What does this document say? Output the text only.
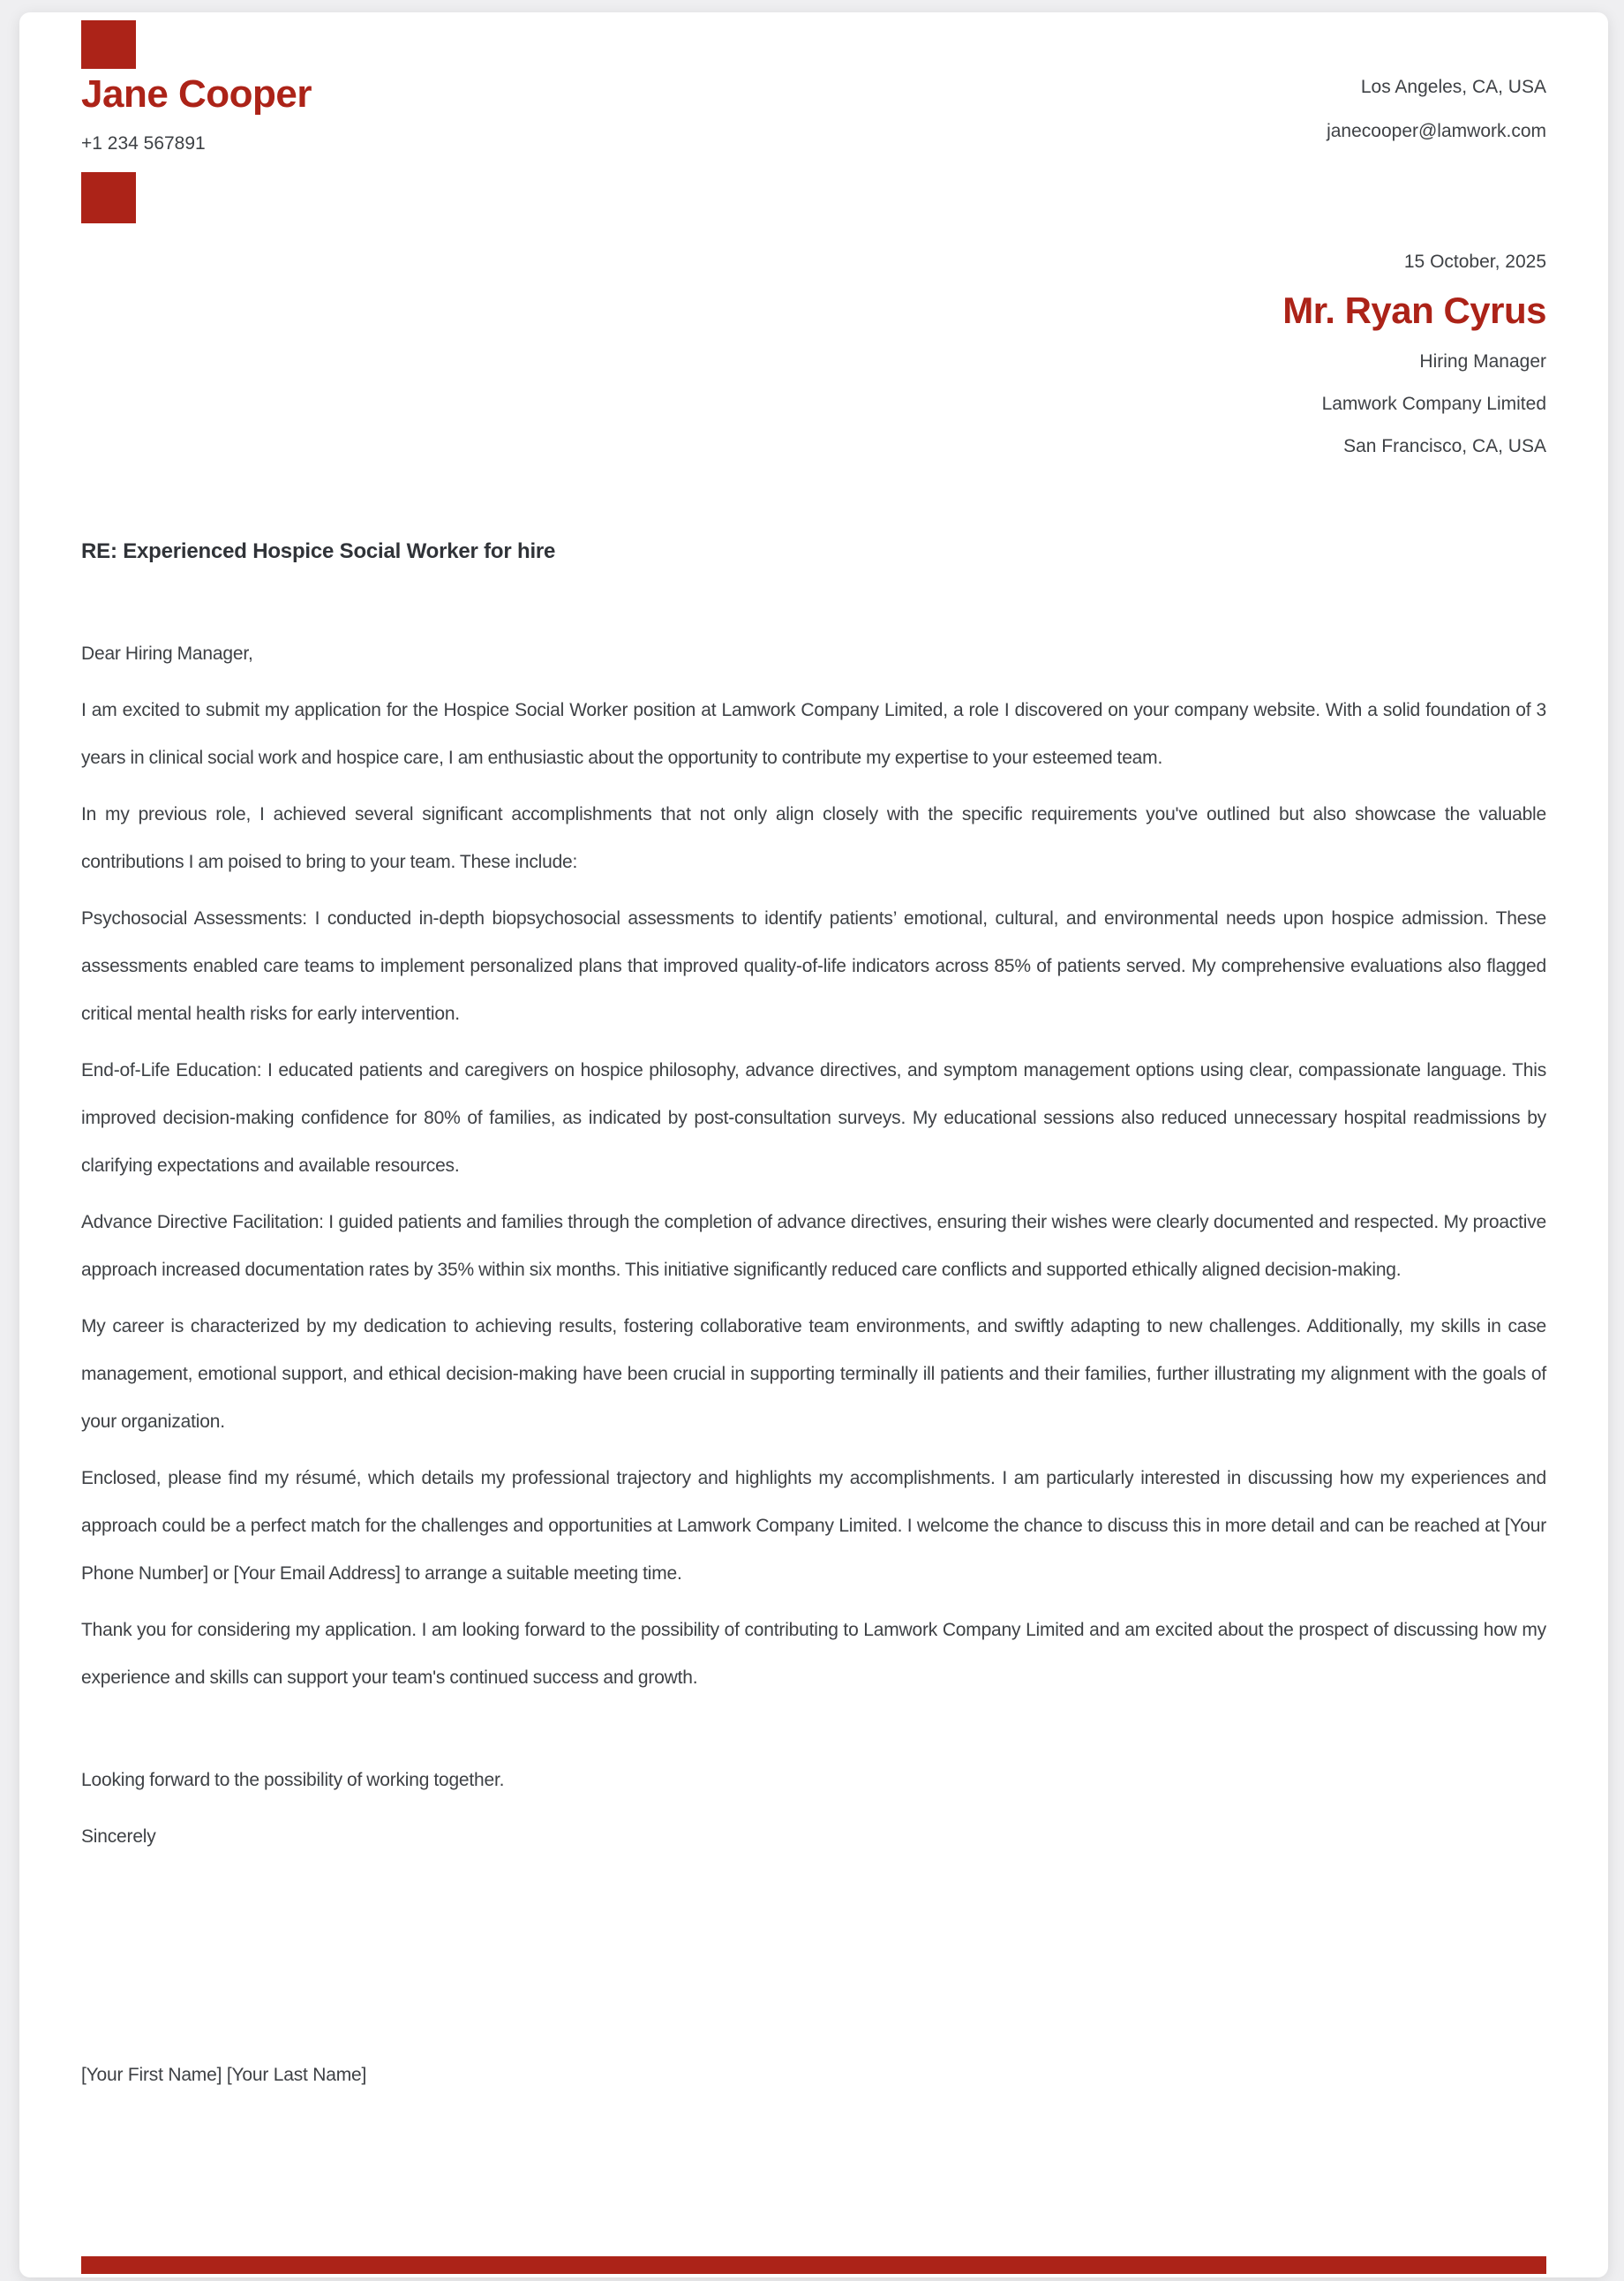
Jane Cooper
+1 234 567891
Los Angeles, CA, USA
janecooper@lamwork.com
15 October, 2025
Mr. Ryan Cyrus
Hiring Manager
Lamwork Company Limited
San Francisco, CA, USA
RE: Experienced Hospice Social Worker for hire

Dear Hiring Manager,

I am excited to submit my application for the Hospice Social Worker position at Lamwork Company Limited, a role I discovered on your company website. With a solid foundation of 3 years in clinical social work and hospice care, I am enthusiastic about the opportunity to contribute my expertise to your esteemed team.

In my previous role, I achieved several significant accomplishments that not only align closely with the specific requirements you've outlined but also showcase the valuable contributions I am poised to bring to your team. These include:

Psychosocial Assessments: I conducted in-depth biopsychosocial assessments to identify patients’ emotional, cultural, and environmental needs upon hospice admission. These assessments enabled care teams to implement personalized plans that improved quality-of-life indicators across 85% of patients served. My comprehensive evaluations also flagged critical mental health risks for early intervention.

End-of-Life Education: I educated patients and caregivers on hospice philosophy, advance directives, and symptom management options using clear, compassionate language. This improved decision-making confidence for 80% of families, as indicated by post-consultation surveys. My educational sessions also reduced unnecessary hospital readmissions by clarifying expectations and available resources.

Advance Directive Facilitation: I guided patients and families through the completion of advance directives, ensuring their wishes were clearly documented and respected. My proactive approach increased documentation rates by 35% within six months. This initiative significantly reduced care conflicts and supported ethically aligned decision-making.

My career is characterized by my dedication to achieving results, fostering collaborative team environments, and swiftly adapting to new challenges. Additionally, my skills in case management, emotional support, and ethical decision-making have been crucial in supporting terminally ill patients and their families, further illustrating my alignment with the goals of your organization.

Enclosed, please find my résumé, which details my professional trajectory and highlights my accomplishments. I am particularly interested in discussing how my experiences and approach could be a perfect match for the challenges and opportunities at Lamwork Company Limited. I welcome the chance to discuss this in more detail and can be reached at [Your Phone Number] or [Your Email Address] to arrange a suitable meeting time.

Thank you for considering my application. I am looking forward to the possibility of contributing to Lamwork Company Limited and am excited about the prospect of discussing how my experience and skills can support your team's continued success and growth.

Looking forward to the possibility of working together.

Sincerely

[Your First Name] [Your Last Name]
